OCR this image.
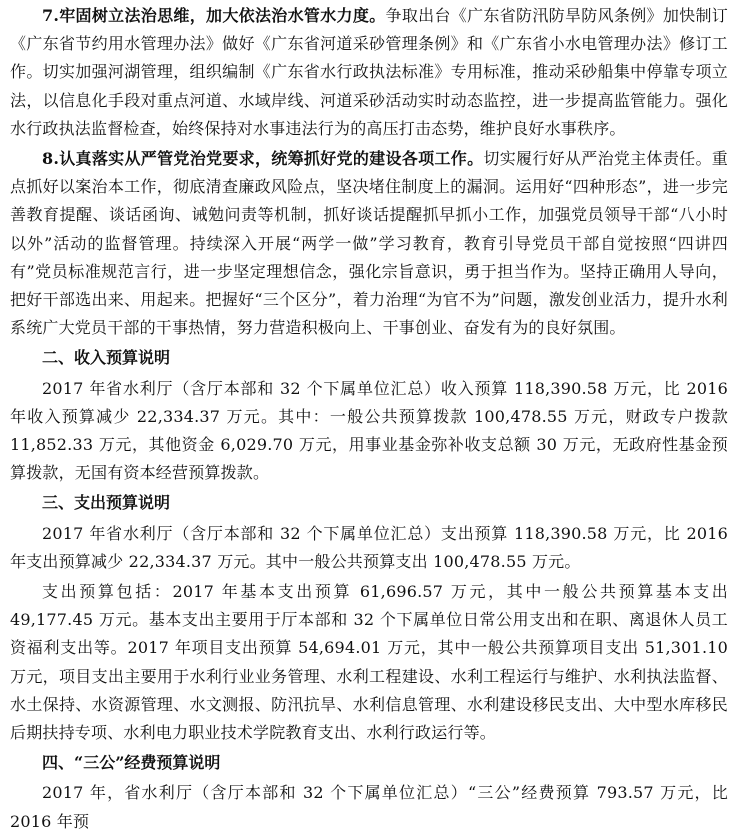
7.牢固树立法治思维，加大依法治水管水力度。争取出台《广东省防汛防旱防风条例》加快制订《广东省节约用水管理办法》做好《广东省河道采砂管理条例》和《广东省小水电管理办法》修订工作。切实加强河湖管理，组织编制《广东省水行政执法标准》专用标准，推动采砂船集中停靠专项立法，以信息化手段对重点河道、水域岸线、河道采砂活动实时动态监控，进一步提高监管能力。强化水行政执法监督检查，始终保持对水事违法行为的高压打击态势，维护良好水事秩序。

8.认真落实从严管党治党要求，统筹抓好党的建设各项工作。切实履行好从严治党主体责任。重点抓好以案治本工作，彻底清查廉政风险点，坚决堵住制度上的漏洞。运用好“四种形态”，进一步完善教育提醒、谈话函询、诫勉问责等机制，抓好谈话提醒抓早抓小工作，加强党员领导干部“八小时以外”活动的监督管理。持续深入开展“两学一做”学习教育，教育引导党员干部自觉按照“四讲四有”党员标准规范言行，进一步坚定理想信念，强化宗旨意识，勇于担当作为。坚持正确用人导向，把好干部选出来、用起来。把握好“三个区分”，着力治理“为官不为”问题，激发创业活力，提升水利系统广大党员干部的干事热情，努力营造积极向上、干事创业、奋发有为的良好氛围。

二、收入预算说明

2017 年省水利厅（含厅本部和 32 个下属单位汇总）收入预算 118,390.58 万元，比 2016 年收入预算减少 22,334.37 万元。其中：一般公共预算拨款 100,478.55 万元，财政专户拨款 11,852.33 万元，其他资金 6,029.70 万元，用事业基金弥补收支总额 30 万元，无政府性基金预算拨款，无国有资本经营预算拨款。

三、支出预算说明

2017 年省水利厅（含厅本部和 32 个下属单位汇总）支出预算 118,390.58 万元，比 2016 年支出预算减少 22,334.37 万元。其中一般公共预算支出 100,478.55 万元。

支出预算包括：2017 年基本支出预算 61,696.57 万元，其中一般公共预算基本支出 49,177.45 万元。基本支出主要用于厅本部和 32 个下属单位日常公用支出和在职、离退休人员工资福利支出等。2017 年项目支出预算 54,694.01 万元，其中一般公共预算项目支出 51,301.10 万元，项目支出主要用于水利行业业务管理、水利工程建设、水利工程运行与维护、水利执法监督、水土保持、水资源管理、水文测报、防汛抗旱、水利信息管理、水利建设移民支出、大中型水库移民后期扶持专项、水利电力职业技术学院教育支出、水利行政运行等。

四、“三公”经费预算说明

2017 年，省水利厅（含厅本部和 32 个下属单位汇总）“三公”经费预算 793.57 万元，比 2016 年预
